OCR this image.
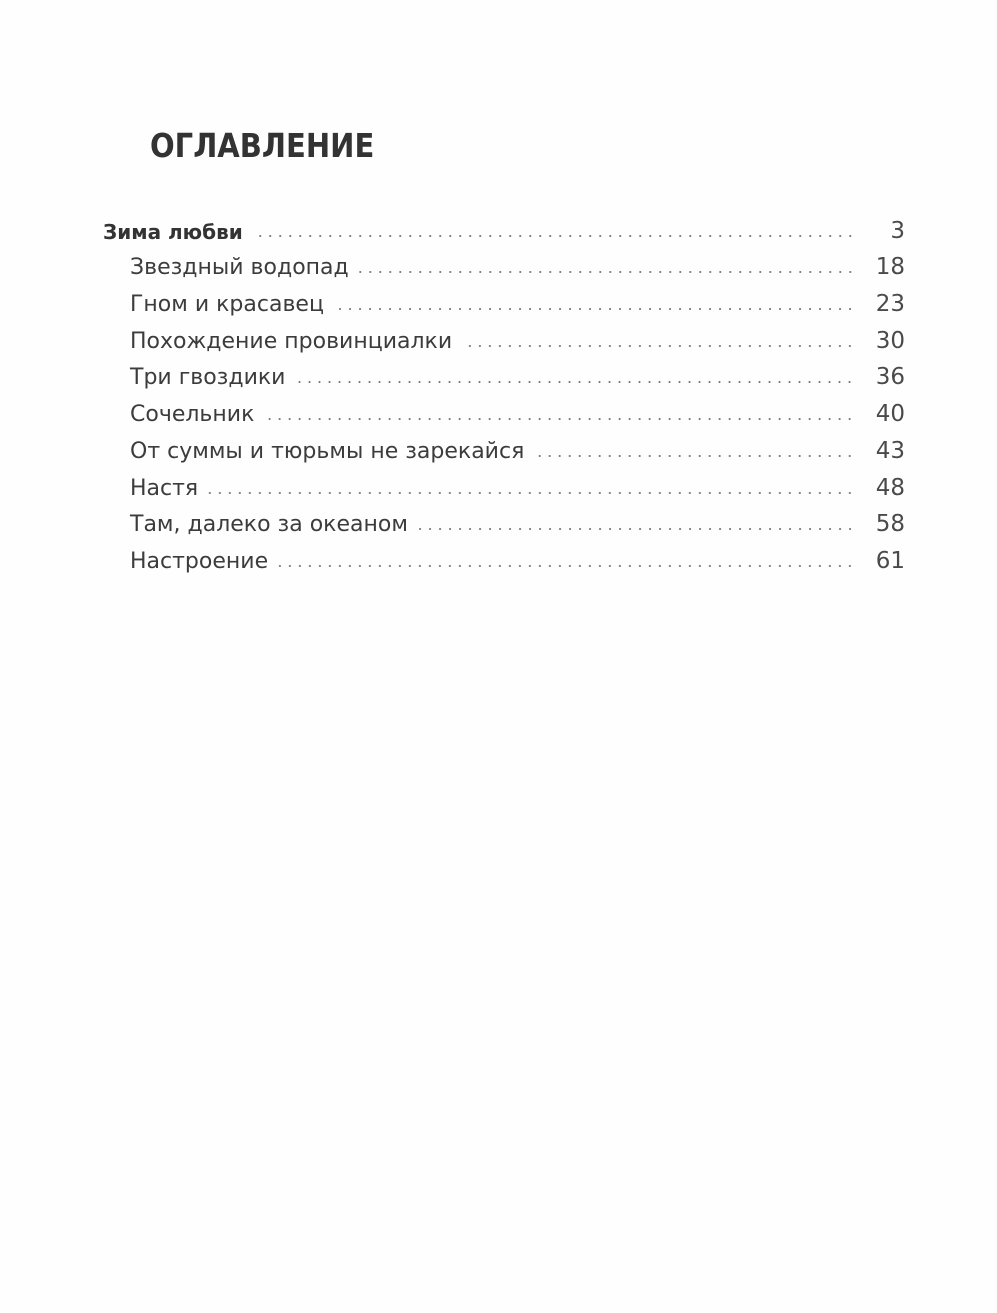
ОГЛАВЛЕНИЕ
Зима любви	3
Звездный водопад	18
Гном и красавец	23
Похождение провинциалки	30
Три гвоздики	36
Сочельник	40
От суммы и тюрьмы не зарекайся	43
Настя	48
Там, далеко за океаном	58
Настроение	61
